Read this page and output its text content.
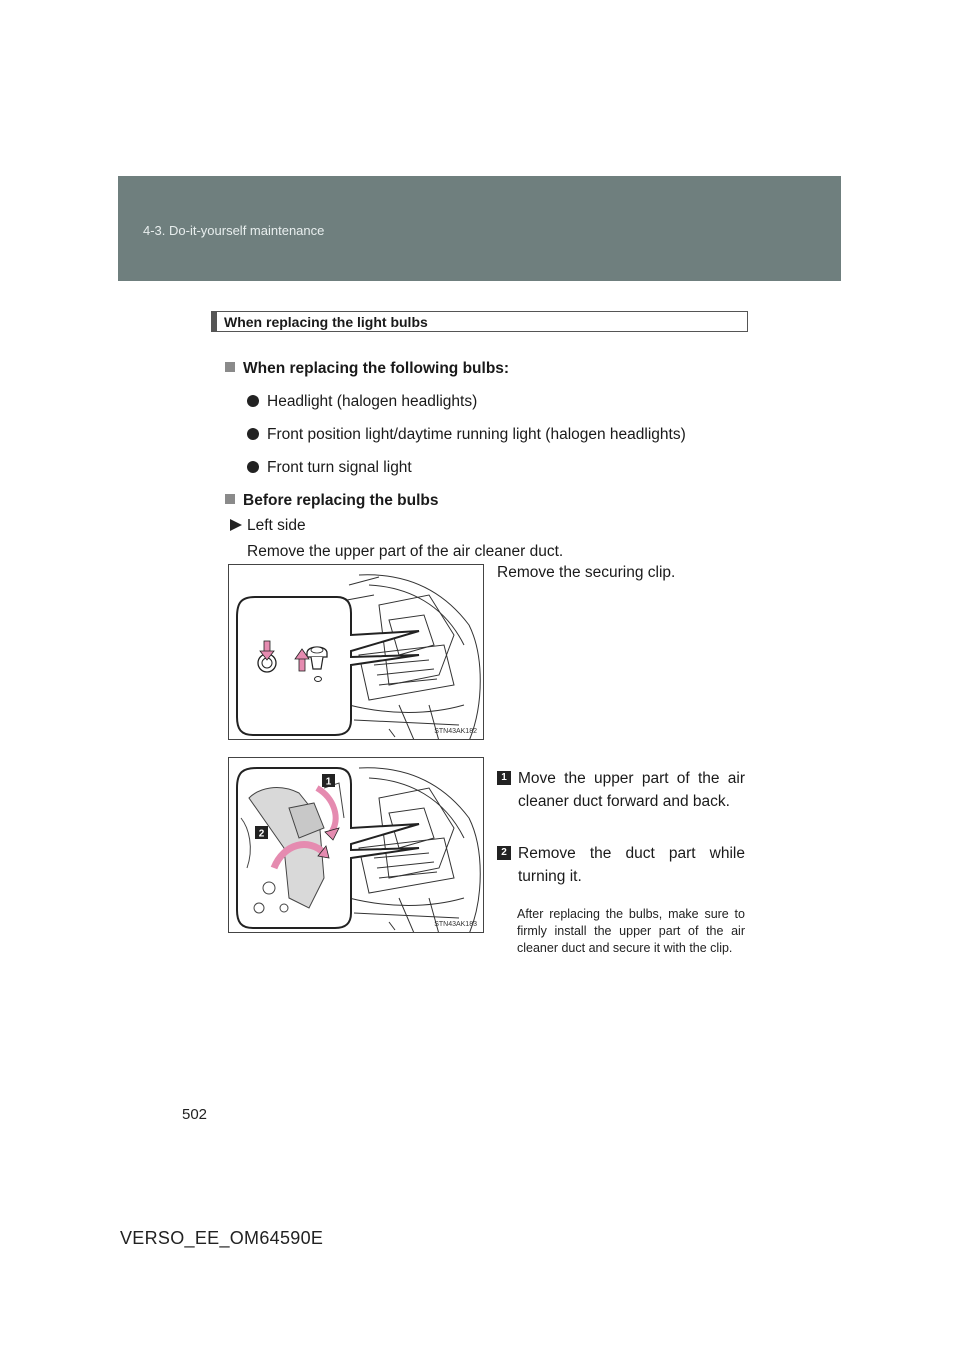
4-3. Do-it-yourself maintenance
When replacing the light bulbs
When replacing the following bulbs:
Headlight (halogen headlights)
Front position light/daytime running light (halogen headlights)
Front turn signal light
Before replacing the bulbs
Left side
Remove the upper part of the air cleaner duct.
STN43AK182
Remove the securing clip.
1
2
STN43AK183
1 Move the upper part of the air cleaner duct forward and back.
2 Remove the duct part while turning it.
After replacing the bulbs, make sure to firmly install the upper part of the air cleaner duct and secure it with the clip.
502
VERSO_EE_OM64590E
